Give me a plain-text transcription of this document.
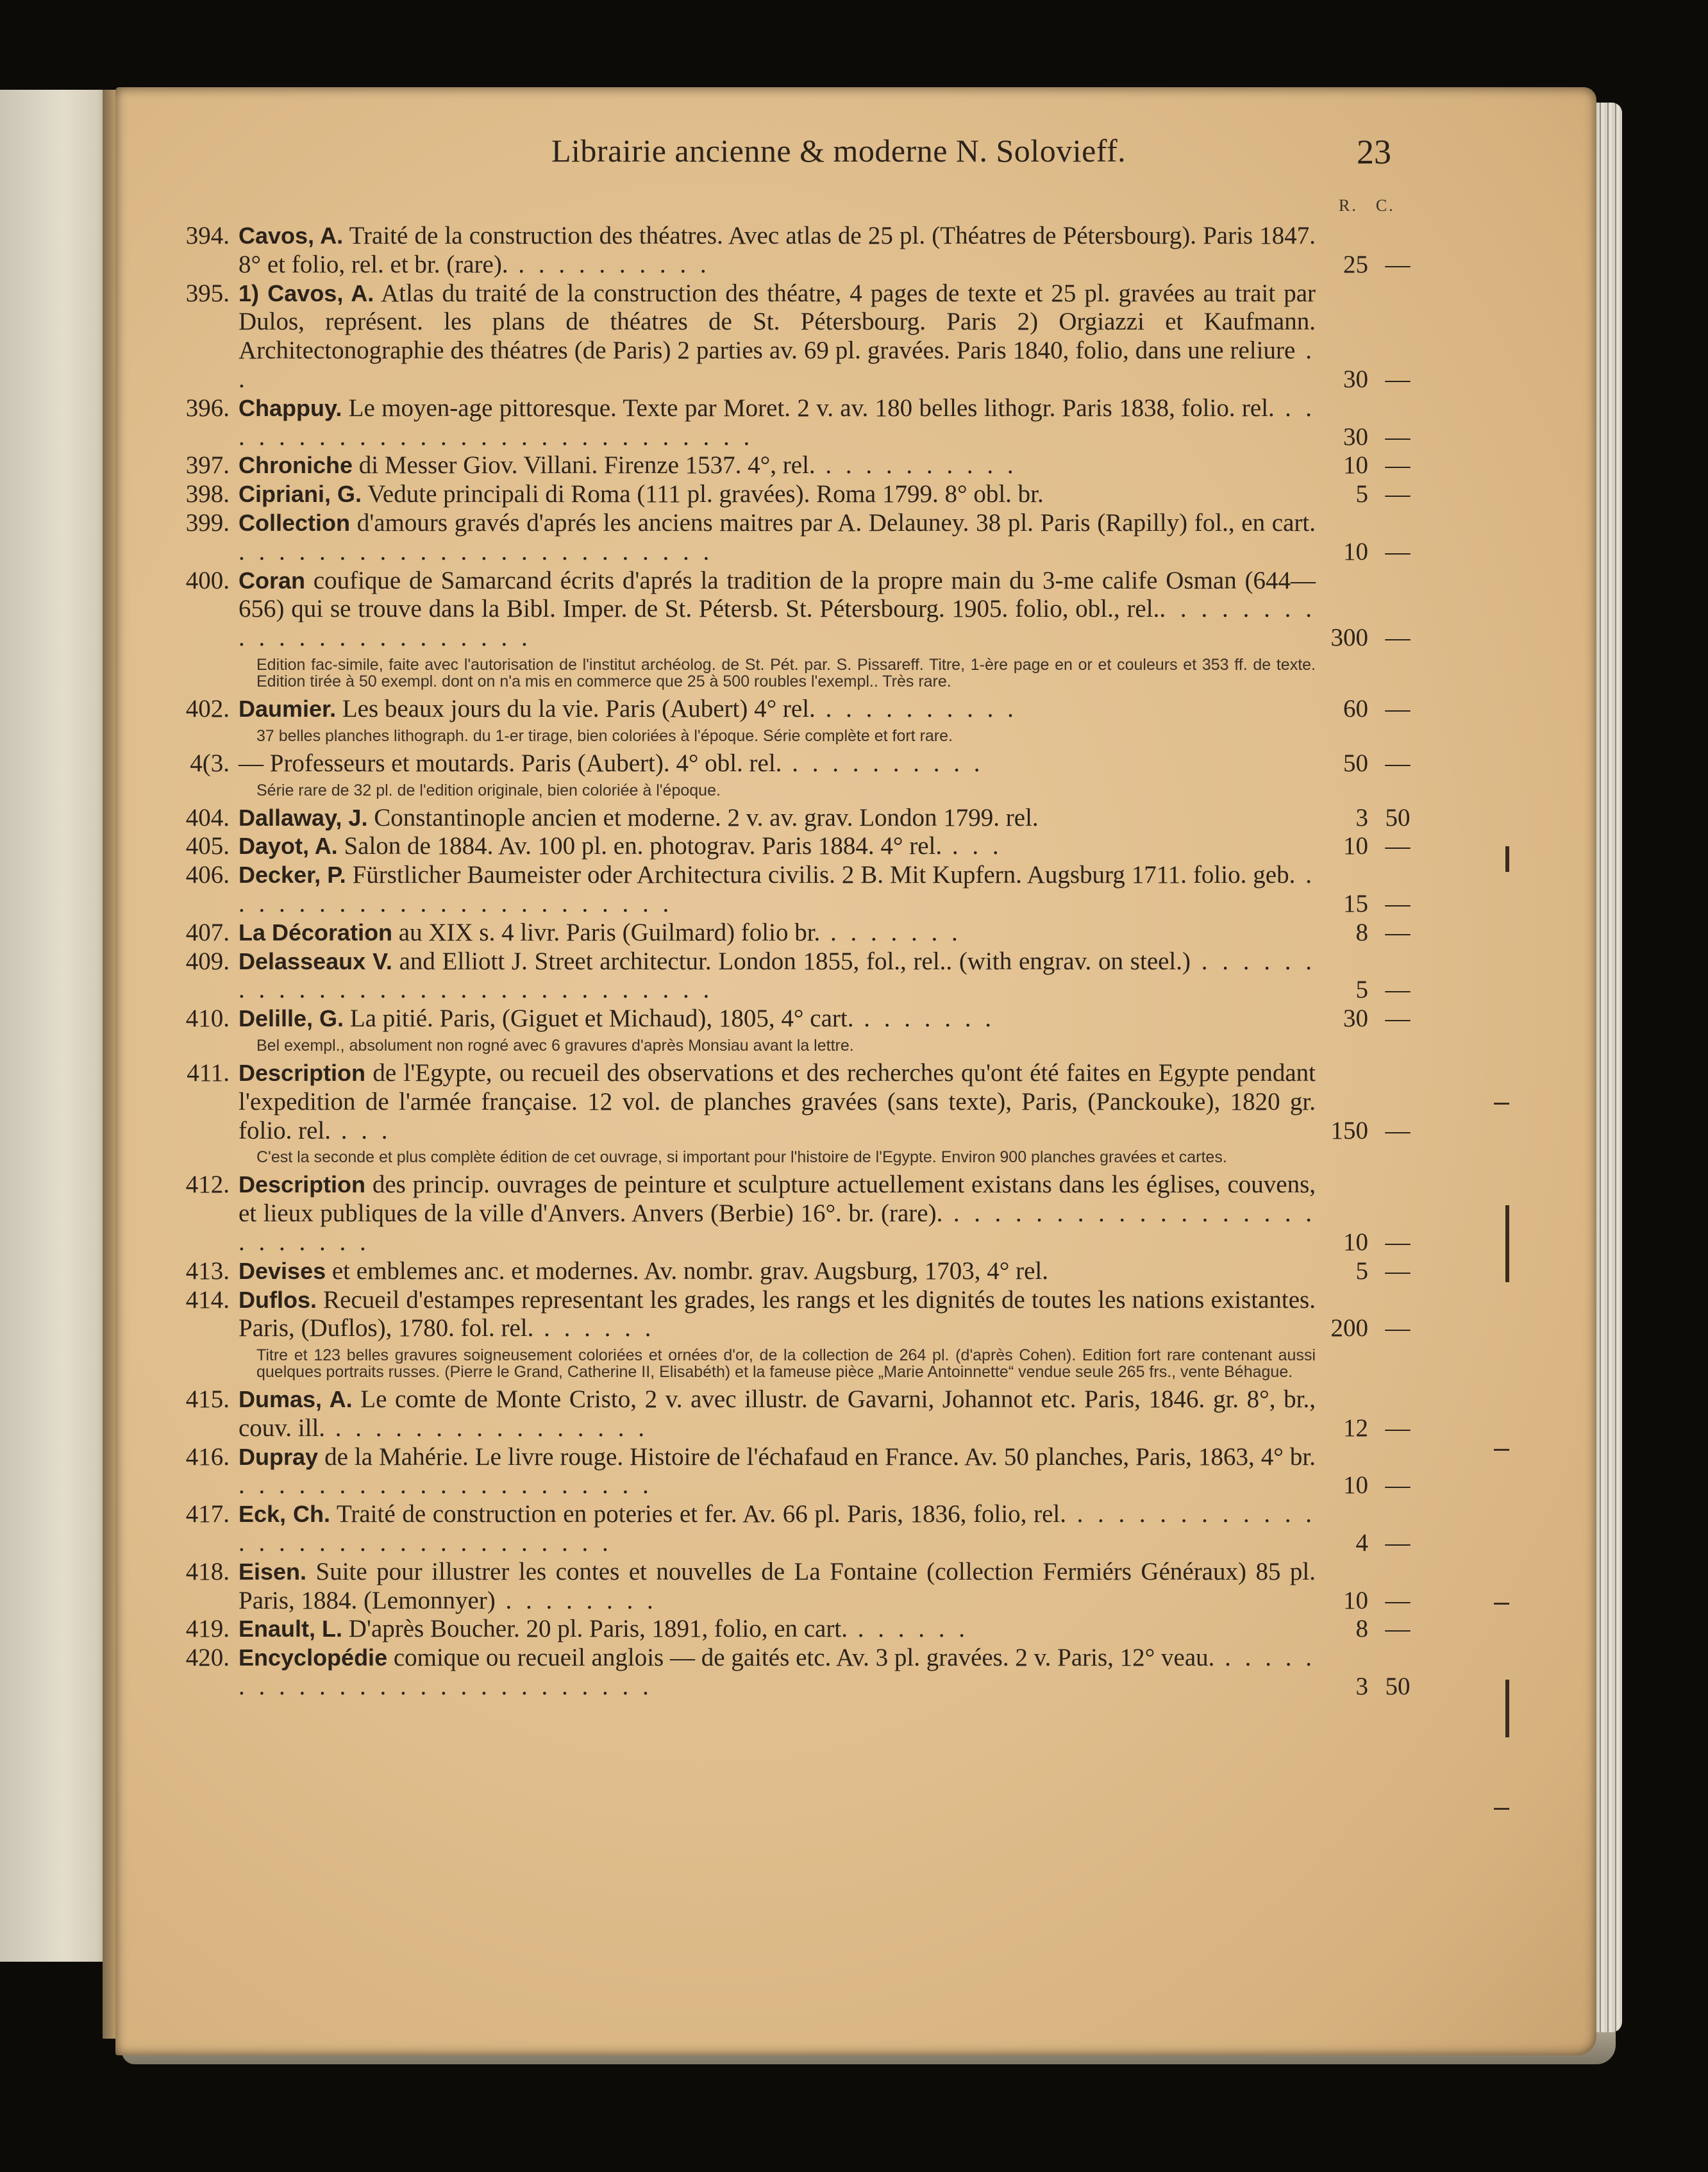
Librairie ancienne & moderne N. Solovieff.	23
R. C.
394. Cavos, A. Traité de la construction des théatres. Avec atlas de 25 pl. (Théatres de Pétersbourg). Paris 1847. 8° et folio, rel. et br. (rare). . . . . . . . . . .	25 —
395. 1) Cavos, A. Atlas du traité de la construction des théatre, 4 pages de texte et 25 pl. gravées au trait par Dulos, représent. les plans de théatres de St. Pétersbourg. Paris 2) Orgiazzi et Kaufmann. Architectonographie des théatres (de Paris) 2 parties av. 69 pl. gravées. Paris 1840, folio, dans une reliure . .	30 —
396. Chappuy. Le moyen-age pittoresque. Texte par Moret. 2 v. av. 180 belles lithogr. Paris 1838, folio. rel. . . . . . . . . . . . . . . . . . . . . . . . . . . . .	30 —
397. Chroniche di Messer Giov. Villani. Firenze 1537. 4°, rel. . . . . . . . . . .	10 —
398. Cipriani, G. Vedute principali di Roma (111 pl. gravées). Roma 1799. 8° obl. br.	5 —
399. Collection d'amours gravés d'aprés les anciens maitres par A. Delauney. 38 pl. Paris (Rapilly) fol., en cart. . . . . . . . . . . . . . . . . . . . . . . . .	10 —
400. Coran coufique de Samarcand écrits d'aprés la tradition de la propre main du 3-me calife Osman (644—656) qui se trouve dans la Bibl. Imper. de St. Pétersb. St. Pétersbourg. 1905. folio, obl., rel.. . . . . . . . . . . . . . . . . . . . . . .	300 —
Edition fac-simile, faite avec l'autorisation de l'institut archéolog. de St. Pét. par. S. Pissareff. Titre, 1-ère page en or et couleurs et 353 ff. de texte. Edition tirée à 50 exempl. dont on n'a mis en commerce que 25 à 500 roubles l'exempl.. Très rare.
402. Daumier. Les beaux jours du la vie. Paris (Aubert) 4° rel. . . . . . . . . . .	60 —
37 belles planches lithograph. du 1-er tirage, bien coloriées à l'époque. Série complète et fort rare.
4(3. — Professeurs et moutards. Paris (Aubert). 4° obl. rel. . . . . . . . . . .	50 —
Série rare de 32 pl. de l'edition originale, bien coloriée à l'époque.
404. Dallaway, J. Constantinople ancien et moderne. 2 v. av. grav. London 1799. rel.	3 50
405. Dayot, A. Salon de 1884. Av. 100 pl. en. photograv. Paris 1884. 4° rel. . . .	10 —
406. Decker, P. Fürstlicher Baumeister oder Architectura civilis. 2 B. Mit Kupfern. Augsburg 1711. folio. geb. . . . . . . . . . . . . . . . . . . . . . . .	15 —
407. La Décoration au XIX s. 4 livr. Paris (Guilmard) folio br. . . . . . . .	8 —
409. Delasseaux V. and Elliott J. Street architectur. London 1855, fol., rel.. (with engrav. on steel.) . . . . . . . . . . . . . . . . . . . . . . . . . . . . . .	5 —
410. Delille, G. La pitié. Paris, (Giguet et Michaud), 1805, 4° cart. . . . . . . .	30 —
Bel exempl., absolument non rogné avec 6 gravures d'après Monsiau avant la lettre.
411. Description de l'Egypte, ou recueil des observations et des recherches qu'ont été faites en Egypte pendant l'expedition de l'armée française. 12 vol. de planches gravées (sans texte), Paris, (Panckouke), 1820 gr. folio. rel. . . .	150 —
C'est la seconde et plus complète édition de cet ouvrage, si important pour l'histoire de l'Egypte. Environ 900 planches gravées et cartes.
412. Description des princip. ouvrages de peinture et sculpture actuellement existans dans les églises, couvens, et lieux publiques de la ville d'Anvers. Anvers (Berbie) 16°. br. (rare). . . . . . . . . . . . . . . . . . . . . . . . . .	10 —
413. Devises et emblemes anc. et modernes. Av. nombr. grav. Augsburg, 1703, 4° rel.	5 —
414. Duflos. Recueil d'estampes representant les grades, les rangs et les dignités de toutes les nations existantes. Paris, (Duflos), 1780. fol. rel. . . . . . .	200 —
Titre et 123 belles gravures soigneusement coloriées et ornées d'or, de la collection de 264 pl. (d'après Cohen). Edition fort rare contenant aussi quelques portraits russes. (Pierre le Grand, Catherine II, Elisabéth) et la fameuse pièce „Marie Antoinnette“ vendue seule 265 frs., vente Béhague.
415. Dumas, A. Le comte de Monte Cristo, 2 v. avec illustr. de Gavarni, Johannot etc. Paris, 1846. gr. 8°, br., couv. ill. . . . . . . . . . . . . . . . .	12 —
416. Dupray de la Mahérie. Le livre rouge. Histoire de l'échafaud en France. Av. 50 planches, Paris, 1863, 4° br. . . . . . . . . . . . . . . . . . . . . .	10 —
417. Eck, Ch. Traité de construction en poteries et fer. Av. 66 pl. Paris, 1836, folio, rel. . . . . . . . . . . . . . . . . . . . . . . . . . . . . . . .	4 —
418. Eisen. Suite pour illustrer les contes et nouvelles de La Fontaine (collection Fermiérs Généraux) 85 pl. Paris, 1884. (Lemonnyer) . . . . . . . .	10 —
419. Enault, L. D'après Boucher. 20 pl. Paris, 1891, folio, en cart. . . . . . .	8 —
420. Encyclopédie comique ou recueil anglois — de gaités etc. Av. 3 pl. gravées. 2 v. Paris, 12° veau. . . . . . . . . . . . . . . . . . . . . . . . . . .	3 50
